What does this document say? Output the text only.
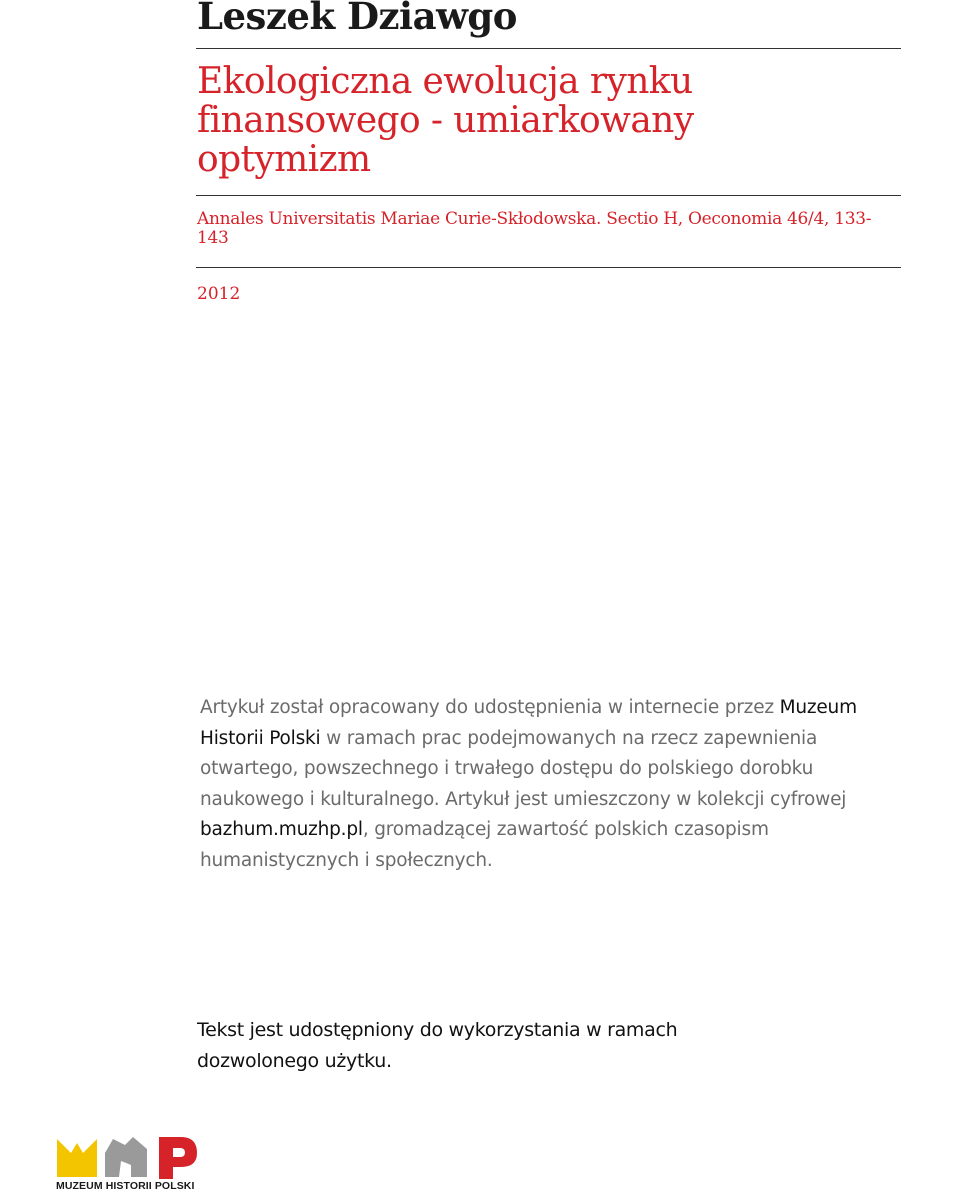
Leszek Dziawgo
Ekologiczna ewolucja rynku finansowego - umiarkowany optymizm

Annales Universitatis Mariae Curie-Skłodowska. Sectio H, Oeconomia 46/4, 133-143

2012

Artykuł został opracowany do udostępnienia w internecie przez Muzeum Historii Polski w ramach prac podejmowanych na rzecz zapewnienia otwartego, powszechnego i trwałego dostępu do polskiego dorobku naukowego i kulturalnego. Artykuł jest umieszczony w kolekcji cyfrowej bazhum.muzhp.pl, gromadzącej zawartość polskich czasopism humanistycznych i społecznych.

Tekst jest udostępniony do wykorzystania w ramach dozwolonego użytku.

MUZEUM HISTORII POLSKI
